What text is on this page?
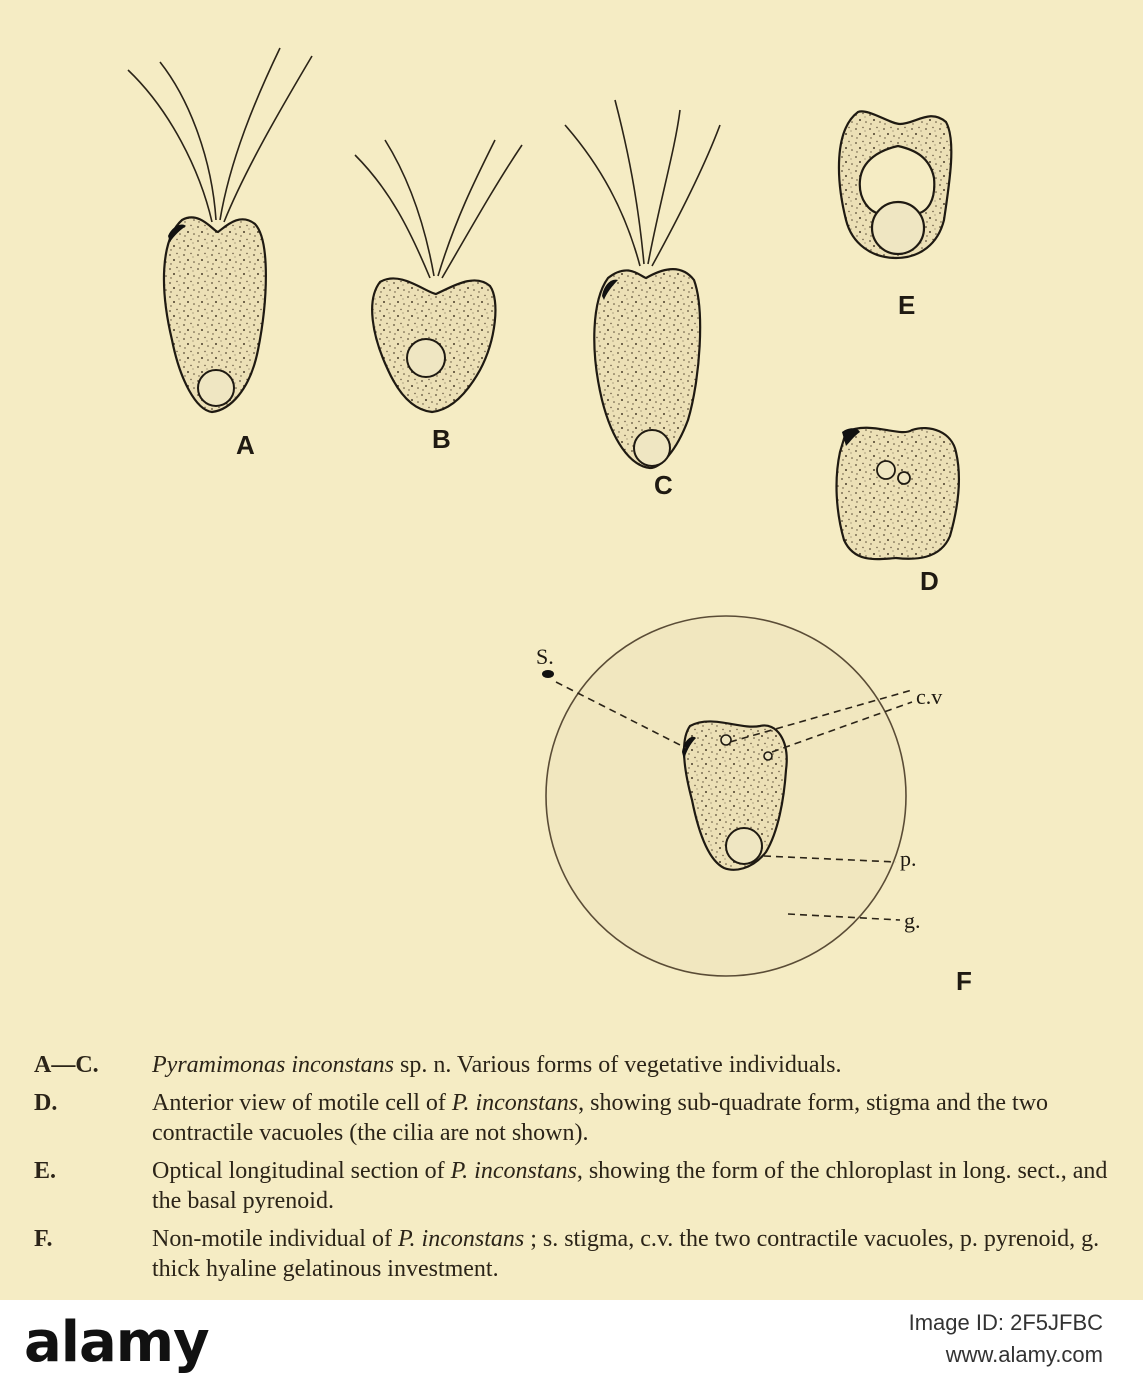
A	B
C
D
E
F
S.
c.v
p.
g.
A—C.	Pyramimonas inconstans sp. n. Various forms of vegetative individuals.
D.	Anterior view of motile cell of P. inconstans, showing sub-quadrate form, stigma and the two contractile vacuoles (the cilia are not shown).
E.	Optical longitudinal section of P. inconstans, showing the form of the chloroplast in long. sect., and the basal pyrenoid.
F.	Non-motile individual of P. inconstans ; s. stigma, c.v. the two contractile vacuoles, p. pyrenoid, g. thick hyaline gelatinous investment.
alamy	Image ID: 2F5JFBC
www.alamy.com
